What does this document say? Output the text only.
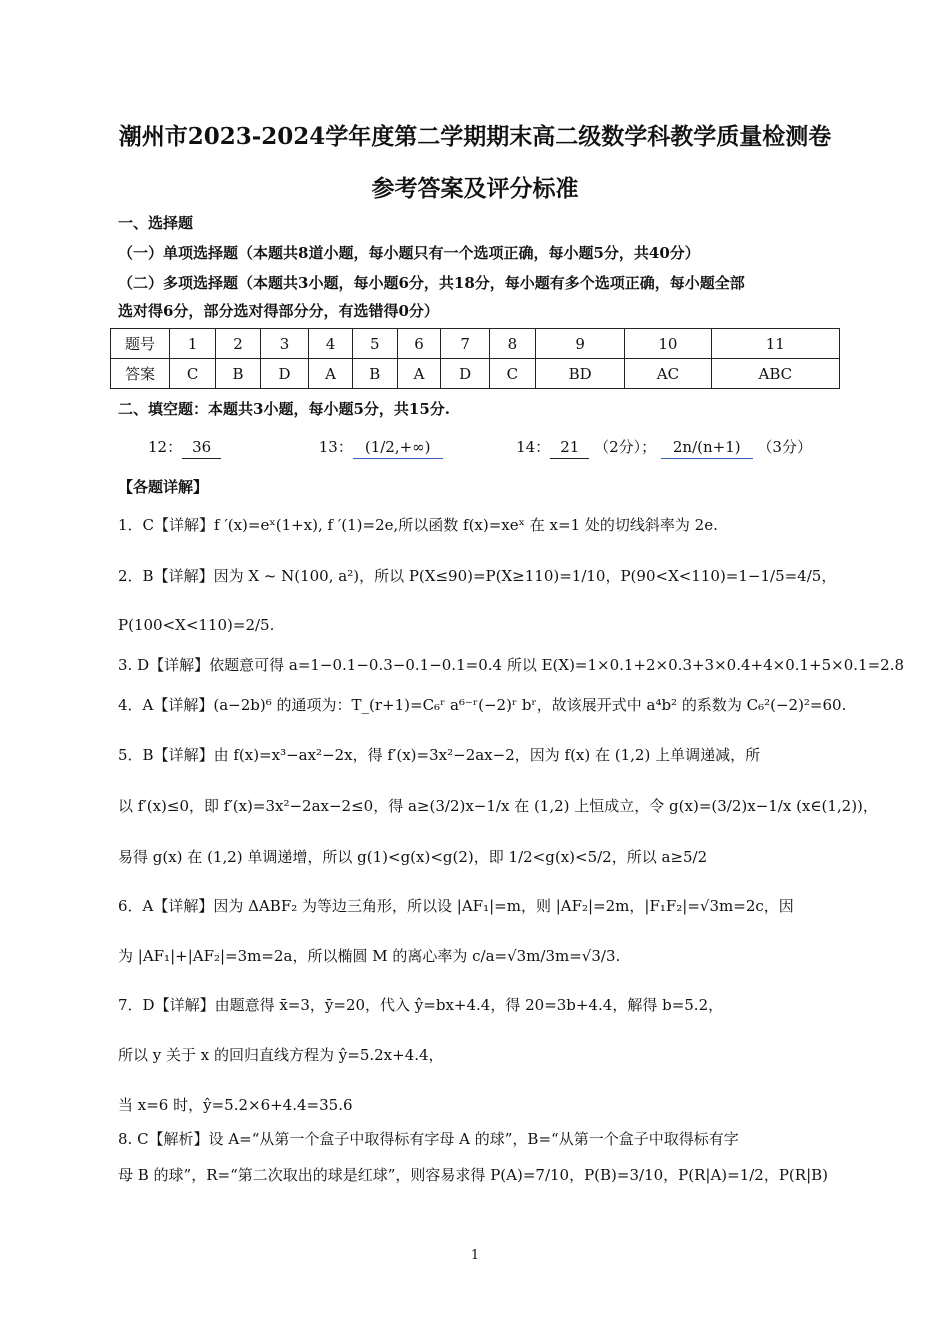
潮州市2023-2024学年度第二学期期末高二级数学科教学质量检测卷
参考答案及评分标准
一、选择题
（一）单项选择题（本题共8道小题，每小题只有一个选项正确，每小题5分，共40分）
（二）多项选择题（本题共3小题，每小题6分，共18分，每小题有多个选项正确，每小题全部
选对得6分，部分选对得部分分，有选错得0分）
题号	1	2	3	4	5	6	7	8	9	10	11
答案	C	B	D	A	B	A	D	C	BD	AC	ABC
二、填空题：本题共3小题，每小题5分，共15分.
12： 36	13： (1/2,+∞)	14： 21 （2分）； 2n/(n+1) （3分）
【各题详解】
1．C【详解】f ′(x)=eˣ(1+x), f ′(1)=2e,所以函数 f(x)=xeˣ 在 x=1 处的切线斜率为 2e.
2．B【详解】因为 X ~ N(100, a²)，所以 P(X≤90)=P(X≥110)=1/10，P(90<X<110)=1−1/5=4/5，
P(100<X<110)=2/5.
3. D【详解】依题意可得 a=1−0.1−0.3−0.1−0.1=0.4 所以 E(X)=1×0.1+2×0.3+3×0.4+4×0.1+5×0.1=2.8
4．A【详解】(a−2b)⁶ 的通项为：T_(r+1)=C₆ʳ a⁶⁻ʳ(−2)ʳ bʳ，故该展开式中 a⁴b² 的系数为 C₆²(−2)²=60.
5．B【详解】由 f(x)=x³−ax²−2x，得 f′(x)=3x²−2ax−2，因为 f(x) 在 (1,2) 上单调递减，所
以 f′(x)≤0，即 f′(x)=3x²−2ax−2≤0，得 a≥(3/2)x−1/x 在 (1,2) 上恒成立，令 g(x)=(3/2)x−1/x (x∈(1,2))，
易得 g(x) 在 (1,2) 单调递增，所以 g(1)<g(x)<g(2)，即 1/2<g(x)<5/2，所以 a≥5/2
6．A【详解】因为 ΔABF₂ 为等边三角形，所以设 |AF₁|=m，则 |AF₂|=2m，|F₁F₂|=√3m=2c，因
为 |AF₁|+|AF₂|=3m=2a，所以椭圆 M 的离心率为 c/a=√3m/3m=√3/3.
7．D【详解】由题意得 x̄=3，ȳ=20，代入 ŷ=bx+4.4，得 20=3b+4.4，解得 b=5.2，
所以 y 关于 x 的回归直线方程为 ŷ=5.2x+4.4，
当 x=6 时，ŷ=5.2×6+4.4=35.6
8. C【解析】设 A=“从第一个盒子中取得标有字母 A 的球”，B=“从第一个盒子中取得标有字
母 B 的球”，R=“第二次取出的球是红球”，则容易求得 P(A)=7/10，P(B)=3/10，P(R|A)=1/2，P(R|B)
1
